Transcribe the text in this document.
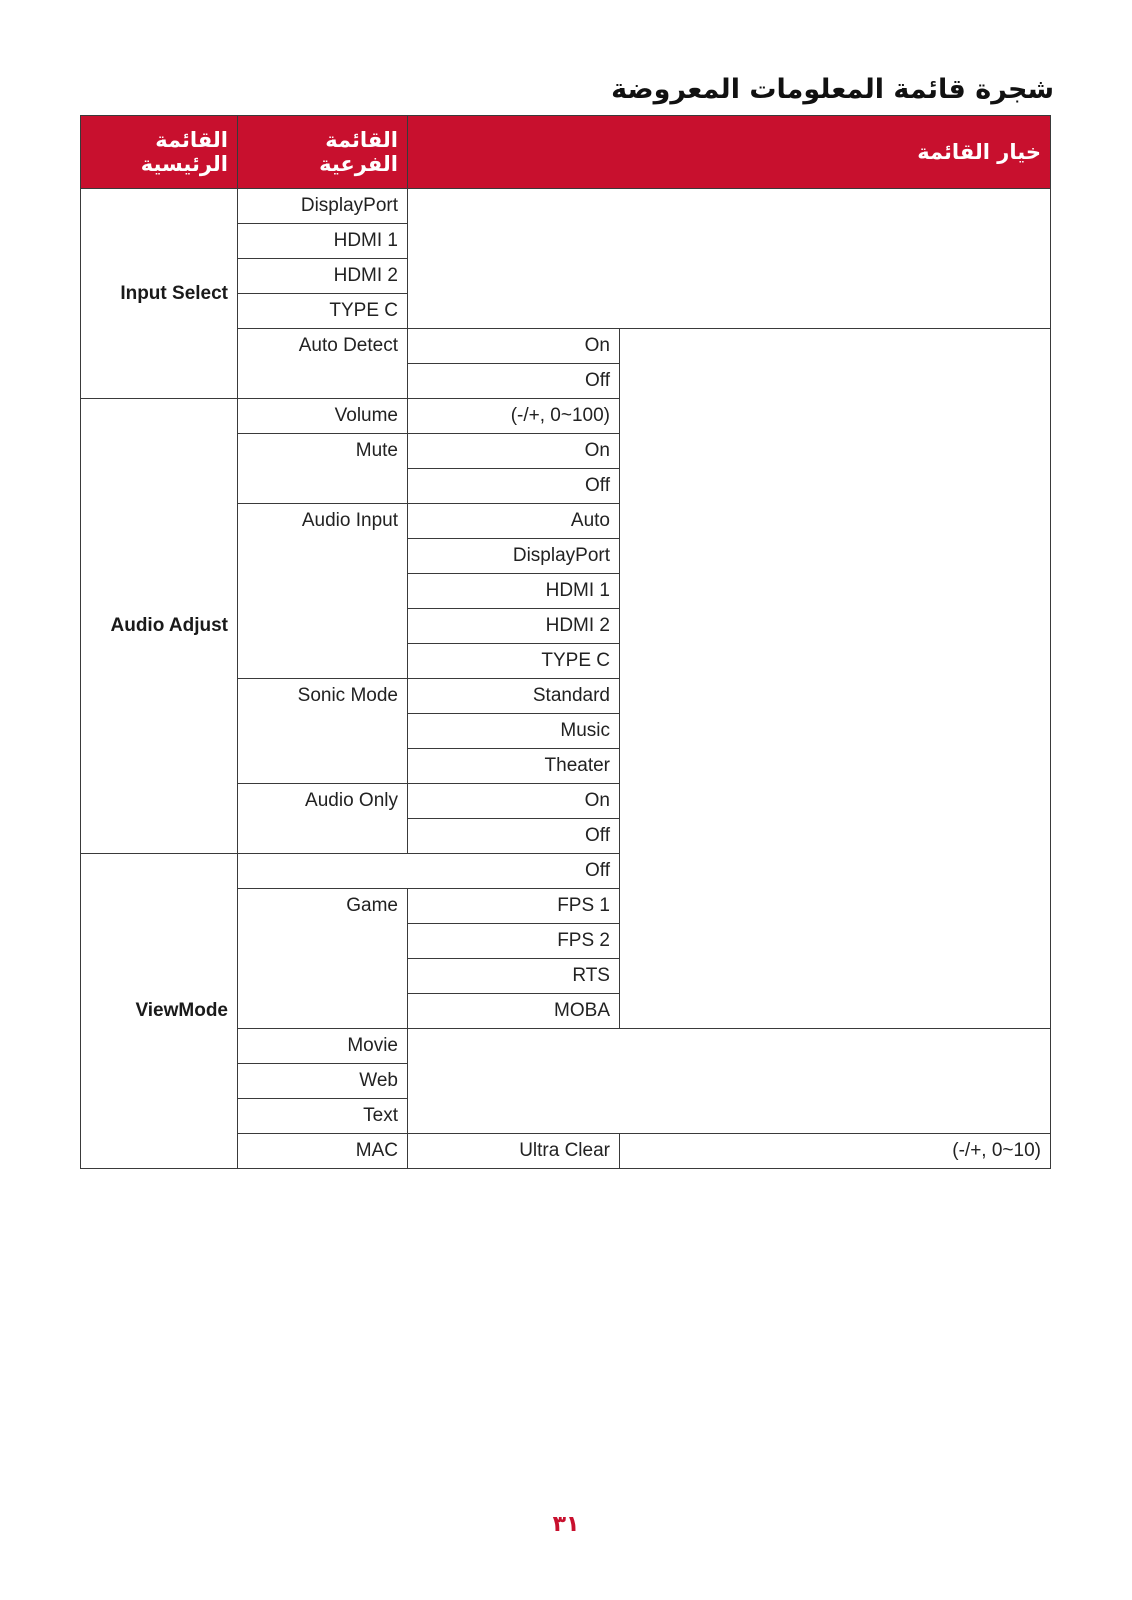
شجرة قائمة المعلومات المعروضة
القائمة الرئيسية	القائمة الفرعية	خيار القائمة	
Input Select	DisplayPort		
	HDMI 1		
	HDMI 2		
	TYPE C		
	Auto Detect	On	
		Off	
Audio Adjust	Volume	(-/+, 0~100)	
	Mute	On	
		Off	
	Audio Input	Auto	
		DisplayPort	
		HDMI 1	
		HDMI 2	
		TYPE C	
	Sonic Mode	Standard	
		Music	
		Theater	
	Audio Only	On	
		Off	
ViewMode	Off		
	Game	FPS 1	
		FPS 2	
		RTS	
		MOBA	
	Movie		
	Web		
	Text		
	MAC	Ultra Clear	(-/+, 0~10)
٣١
